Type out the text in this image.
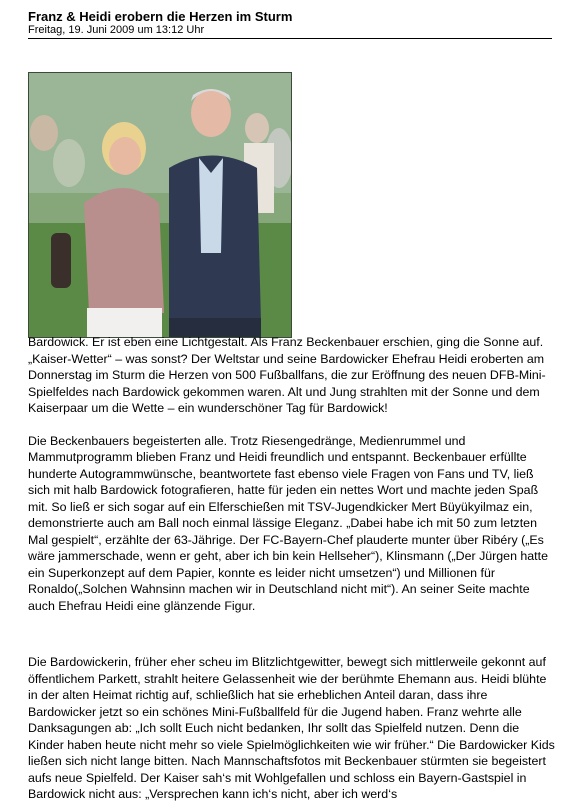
Franz & Heidi erobern die Herzen im Sturm

Freitag, 19. Juni 2009 um 13:12 Uhr

Bardowick. Er ist eben eine Lichtgestalt. Als Franz Beckenbauer erschien, ging die Sonne auf. „Kaiser-Wetter“ – was sonst? Der Weltstar und seine Bardowicker Ehefrau Heidi eroberten am Donnerstag im Sturm die Herzen von 500 Fußballfans, die zur Eröffnung des neuen DFB-Mini-Spielfeldes nach Bardowick gekommen waren. Alt und Jung strahlten mit der Sonne und dem Kaiserpaar um die Wette – ein wunderschöner Tag für Bardowick!

Die Beckenbauers begeisterten alle. Trotz Riesengedränge, Medienrummel und Mammutprogramm blieben Franz und Heidi freundlich und entspannt. Beckenbauer erfüllte hunderte Autogrammwünsche, beantwortete fast ebenso viele Fragen von Fans und TV, ließ sich mit halb Bardowick fotografieren, hatte für jeden ein nettes Wort und machte jeden Spaß mit. So ließ er sich sogar auf ein Elferschießen mit TSV-Jugendkicker Mert Büyükyilmaz ein, demonstrierte auch am Ball noch einmal lässige Eleganz. „Dabei habe ich mit 50 zum letzten Mal gespielt“, erzählte der 63-Jährige. Der FC-Bayern-Chef plauderte munter über Ribéry („Es wäre jammerschade, wenn er geht, aber ich bin kein Hellseher“), Klinsmann („Der Jürgen hatte ein Superkonzept auf dem Papier, konnte es leider nicht umsetzen“) und Millionen für Ronaldo(„Solchen Wahnsinn machen wir in Deutschland nicht mit“). An seiner Seite machte auch Ehefrau Heidi eine glänzende Figur.

Die Bardowickerin, früher eher scheu im Blitzlichtgewitter, bewegt sich mittlerweile gekonnt auf öffentlichem Parkett, strahlt heitere Gelassenheit wie der berühmte Ehemann aus. Heidi blühte in der alten Heimat richtig auf, schließlich hat sie erheblichen Anteil daran, dass ihre Bardowicker jetzt so ein schönes Mini-Fußballfeld für die Jugend haben. Franz wehrte alle Danksagungen ab: „Ich sollt Euch nicht bedanken, Ihr sollt das Spielfeld nutzen. Denn die Kinder haben heute nicht mehr so viele Spielmöglichkeiten wie wir früher.“ Die Bardowicker Kids ließen sich nicht lange bitten. Nach Mannschaftsfotos mit Beckenbauer stürmten sie begeistert aufs neue Spielfeld. Der Kaiser sah‘s mit Wohlgefallen und schloss ein Bayern-Gastspiel in Bardowick nicht aus: „Versprechen kann ich‘s nicht, aber ich werd‘s
